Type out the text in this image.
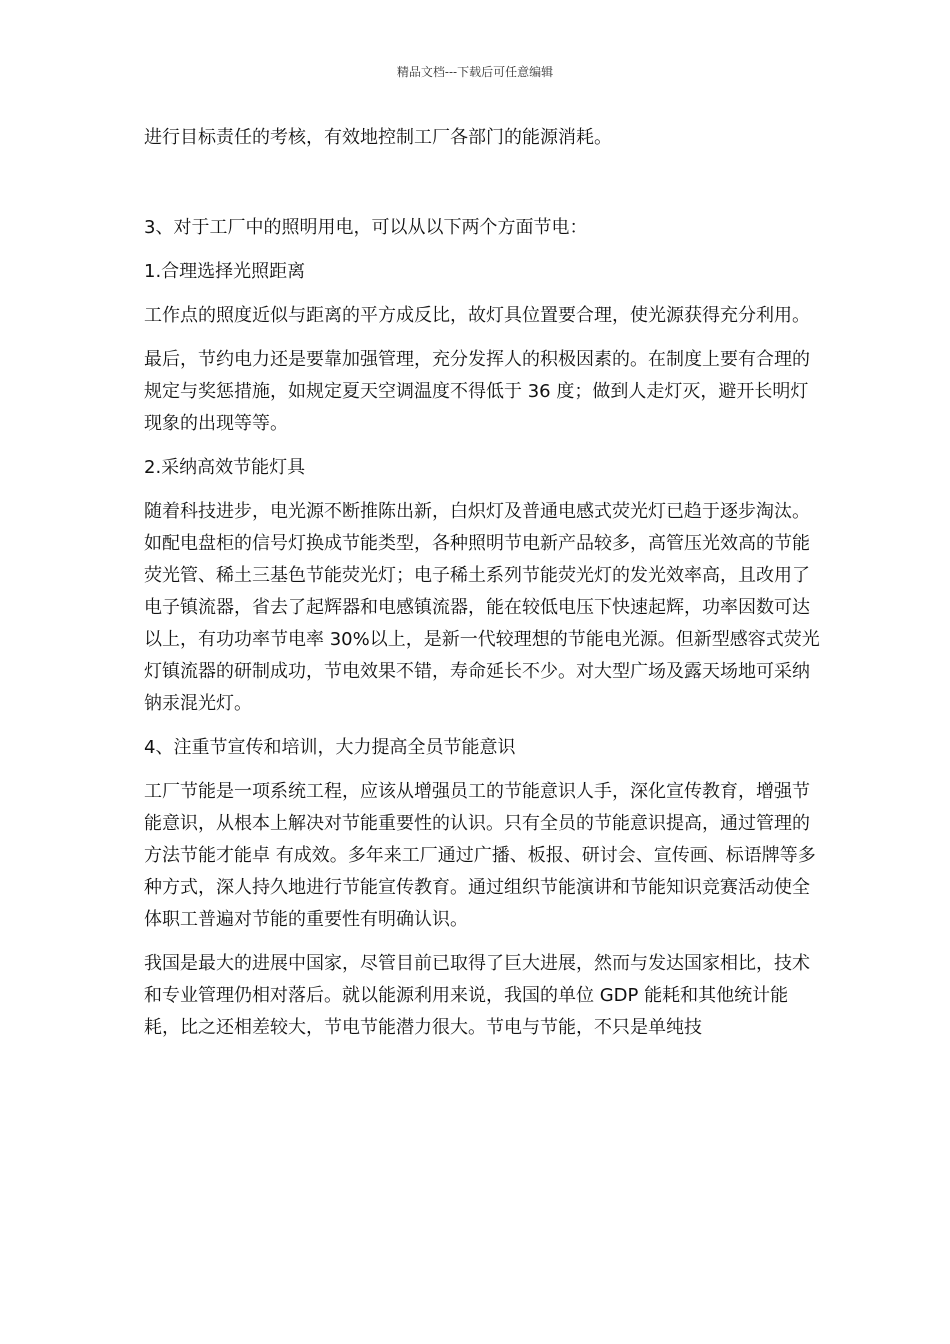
精品文档---下载后可任意编辑

进行目标责任的考核，有效地控制工厂各部门的能源消耗。

3、对于工厂中的照明用电，可以从以下两个方面节电：

1.合理选择光照距离

工作点的照度近似与距离的平方成反比，故灯具位置要合理，使光源获得充分利用。

最后，节约电力还是要靠加强管理，充分发挥人的积极因素的。在制度上要有合理的规定与奖惩措施，如规定夏天空调温度不得低于 36 度；做到人走灯灭，避开长明灯现象的出现等等。

2.采纳高效节能灯具

随着科技进步，电光源不断推陈出新，白炽灯及普通电感式荧光灯已趋于逐步淘汰。如配电盘柜的信号灯换成节能类型，各种照明节电新产品较多，高管压光效高的节能荧光管、稀土三基色节能荧光灯；电子稀土系列节能荧光灯的发光效率高，且改用了电子镇流器，省去了起辉器和电感镇流器，能在较低电压下快速起辉，功率因数可达以上，有功功率节电率 30%以上，是新一代较理想的节能电光源。但新型感容式荧光灯镇流器的研制成功，节电效果不错，寿命延长不少。对大型广场及露天场地可采纳钠汞混光灯。

4、注重节宣传和培训，大力提高全员节能意识

工厂节能是一项系统工程，应该从增强员工的节能意识人手，深化宣传教育，增强节能意识，从根本上解决对节能重要性的认识。只有全员的节能意识提高，通过管理的方法节能才能卓 有成效。多年来工厂通过广播、板报、研讨会、宣传画、标语牌等多种方式，深人持久地进行节能宣传教育。通过组织节能演讲和节能知识竞赛活动使全体职工普遍对节能的重要性有明确认识。

我国是最大的进展中国家，尽管目前已取得了巨大进展，然而与发达国家相比，技术和专业管理仍相对落后。就以能源利用来说，我国的单位 GDP 能耗和其他统计能耗，比之还相差较大，节电节能潜力很大。节电与节能，不只是单纯技
